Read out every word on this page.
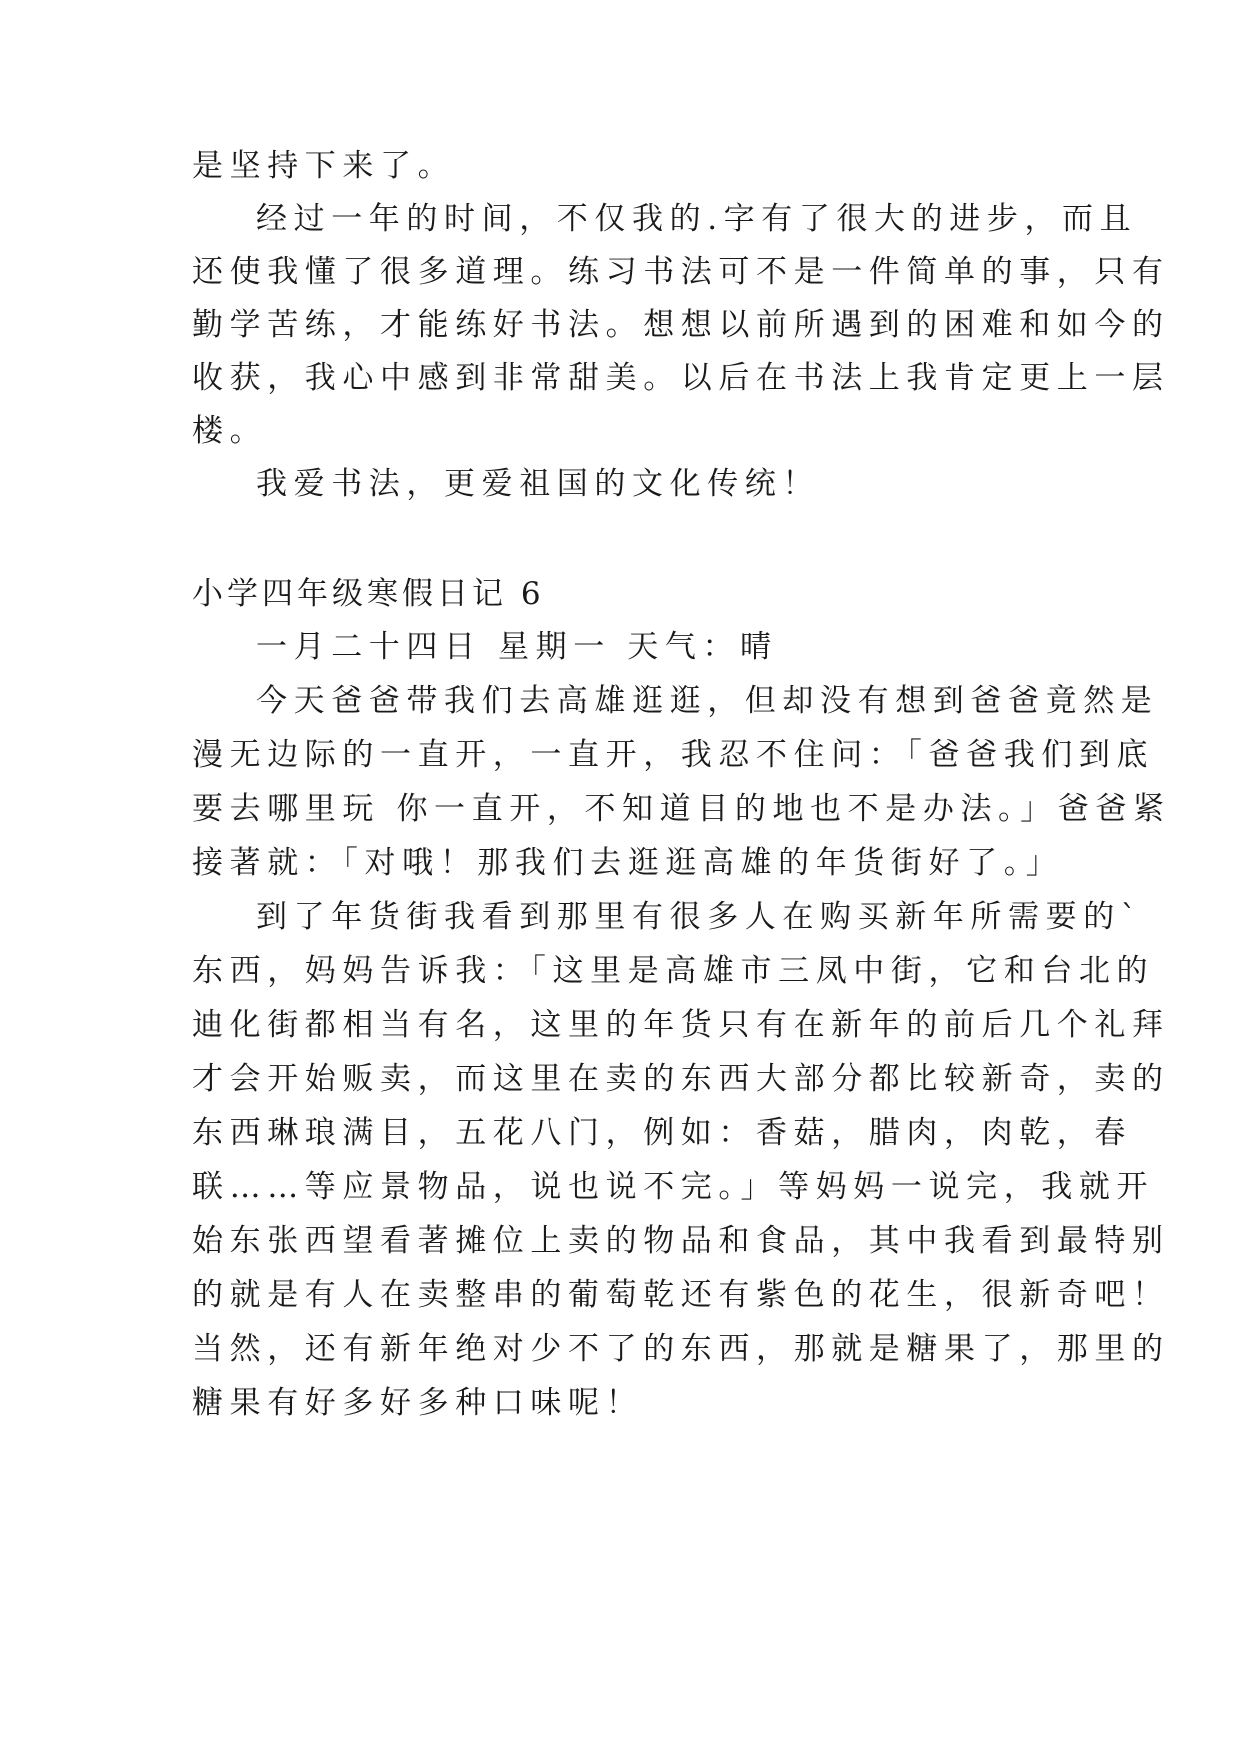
是坚持下来了。
经过一年的时间，不仅我的.字有了很大的进步，而且
还使我懂了很多道理。练习书法可不是一件简单的事，只有
勤学苦练，才能练好书法。想想以前所遇到的困难和如今的
收获，我心中感到非常甜美。以后在书法上我肯定更上一层
楼。
我爱书法，更爱祖国的文化传统！
小学四年级寒假日记 6
一月二十四日 星期一 天气：晴
今天爸爸带我们去高雄逛逛，但却没有想到爸爸竟然是
漫无边际的一直开，一直开，我忍不住问：「爸爸我们到底
要去哪里玩 你一直开，不知道目的地也不是办法。」爸爸紧
接著就：「对哦！那我们去逛逛高雄的年货街好了。」
到了年货街我看到那里有很多人在购买新年所需要的`
东西，妈妈告诉我：「这里是高雄市三凤中街，它和台北的
迪化街都相当有名，这里的年货只有在新年的前后几个礼拜
才会开始贩卖，而这里在卖的东西大部分都比较新奇，卖的
东西琳琅满目，五花八门，例如：香菇，腊肉，肉乾，春
联……等应景物品，说也说不完。」等妈妈一说完，我就开
始东张西望看著摊位上卖的物品和食品，其中我看到最特别
的就是有人在卖整串的葡萄乾还有紫色的花生，很新奇吧！
当然，还有新年绝对少不了的东西，那就是糖果了，那里的
糖果有好多好多种口味呢！
